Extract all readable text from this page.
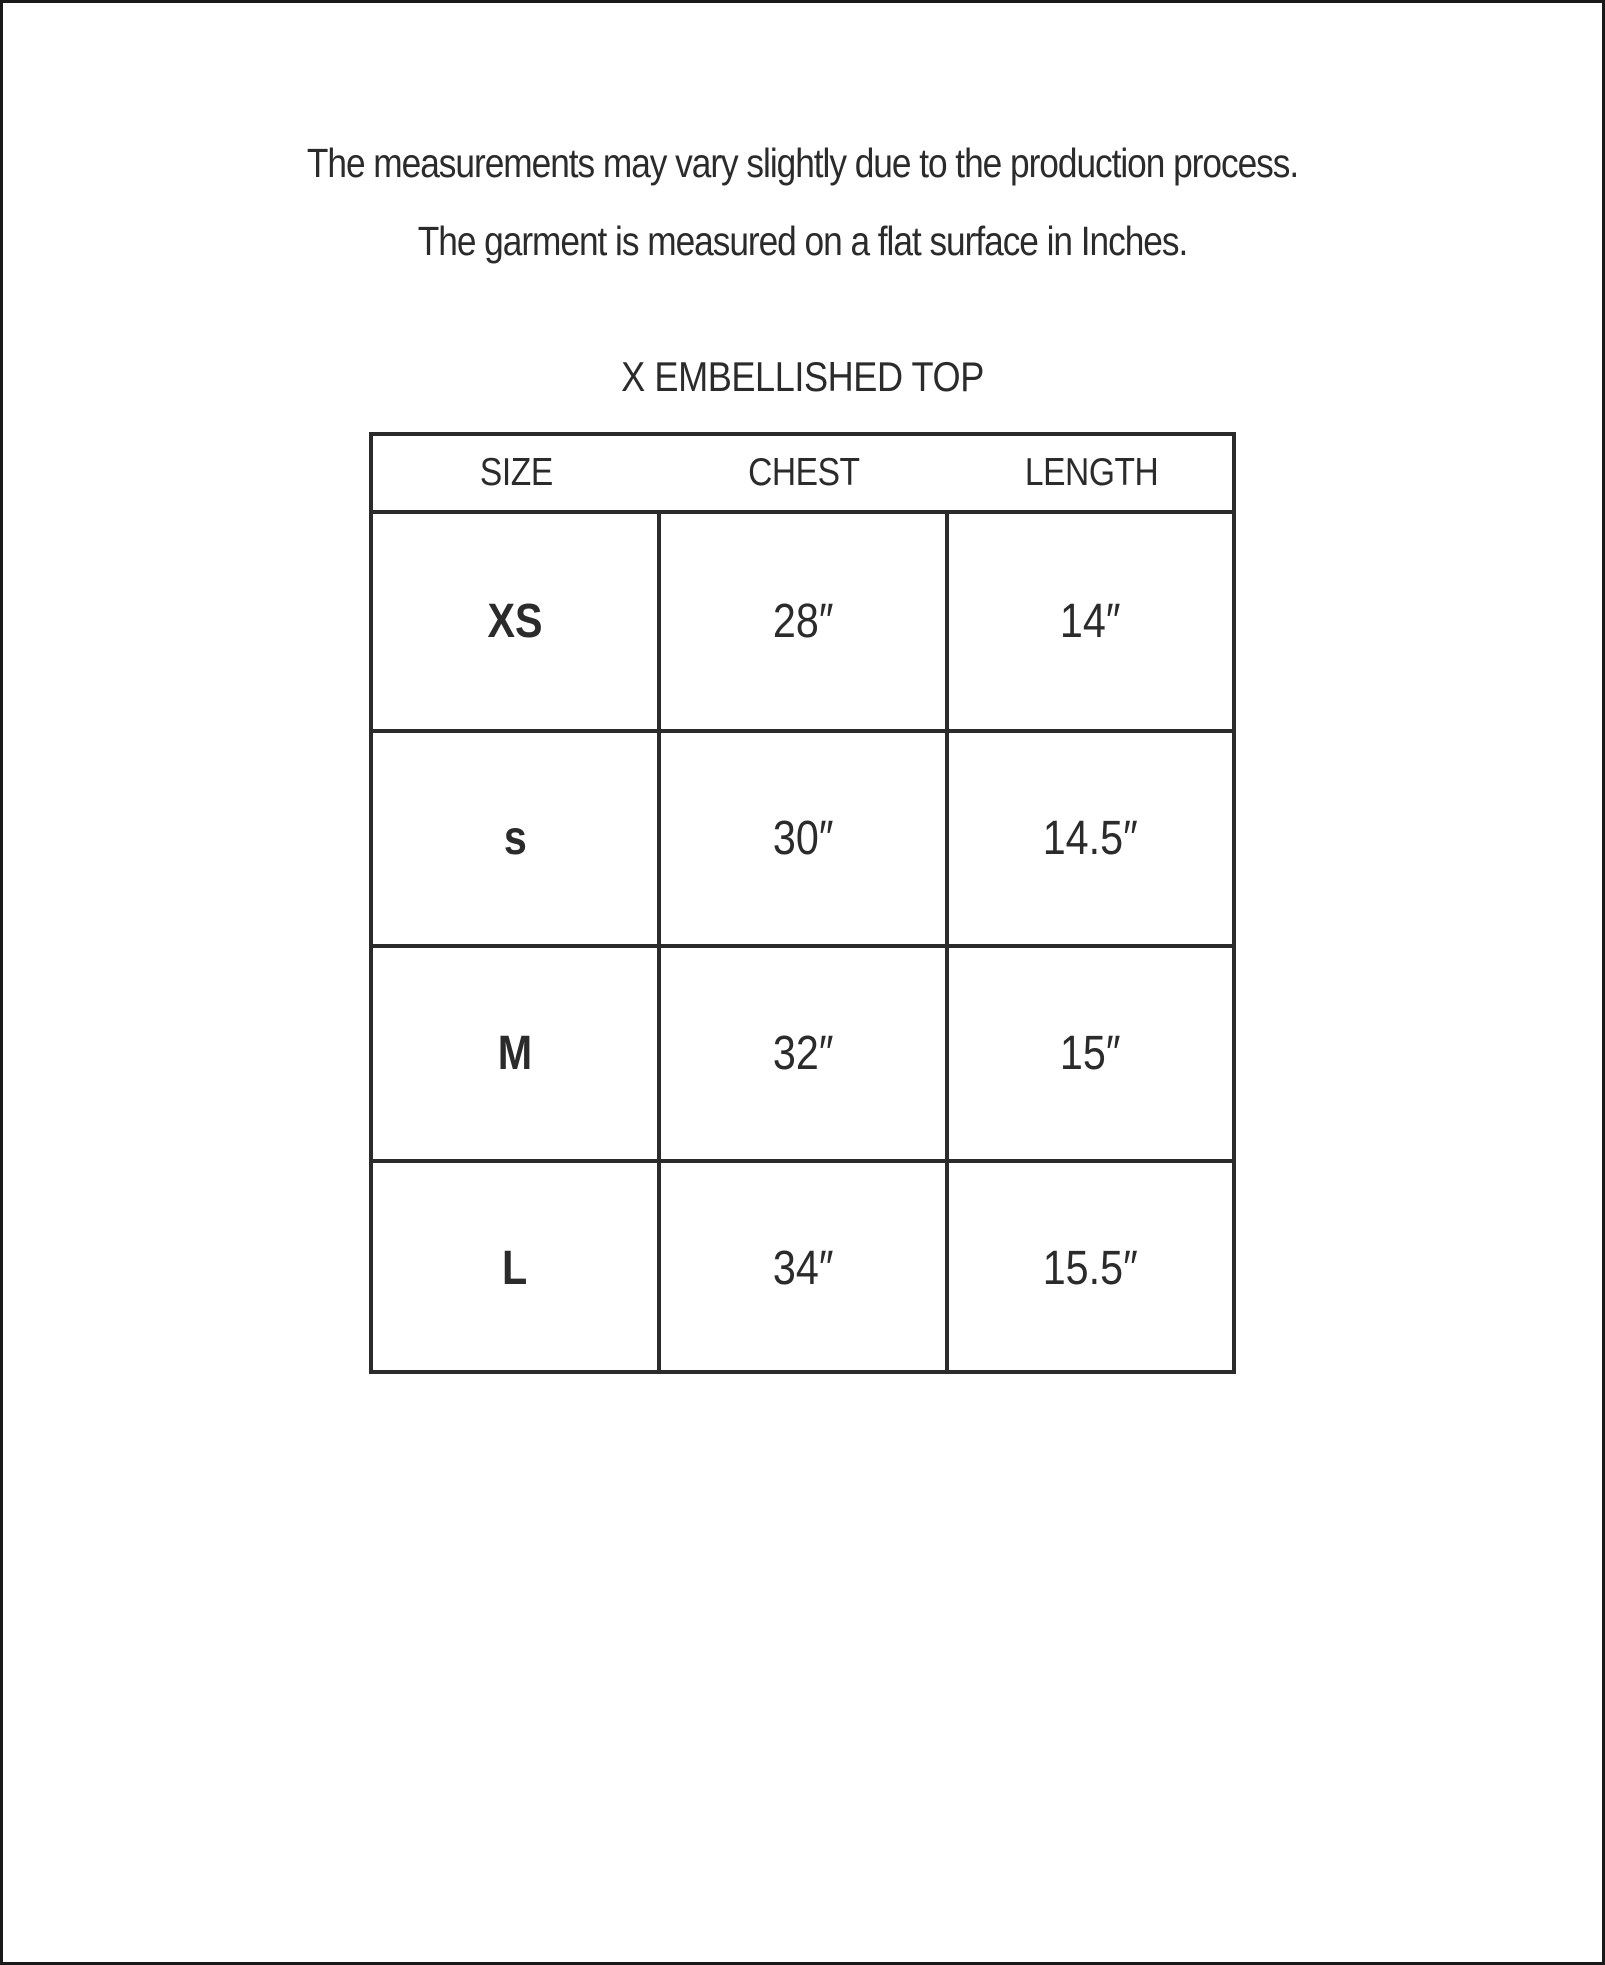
The measurements may vary slightly due to the production process.
The garment is measured on a flat surface in Inches.
X EMBELLISHED TOP
SIZE	CHEST	LENGTH
XS	28″	14″
s	30″	14.5″
M	32″	15″
L	34″	15.5″
